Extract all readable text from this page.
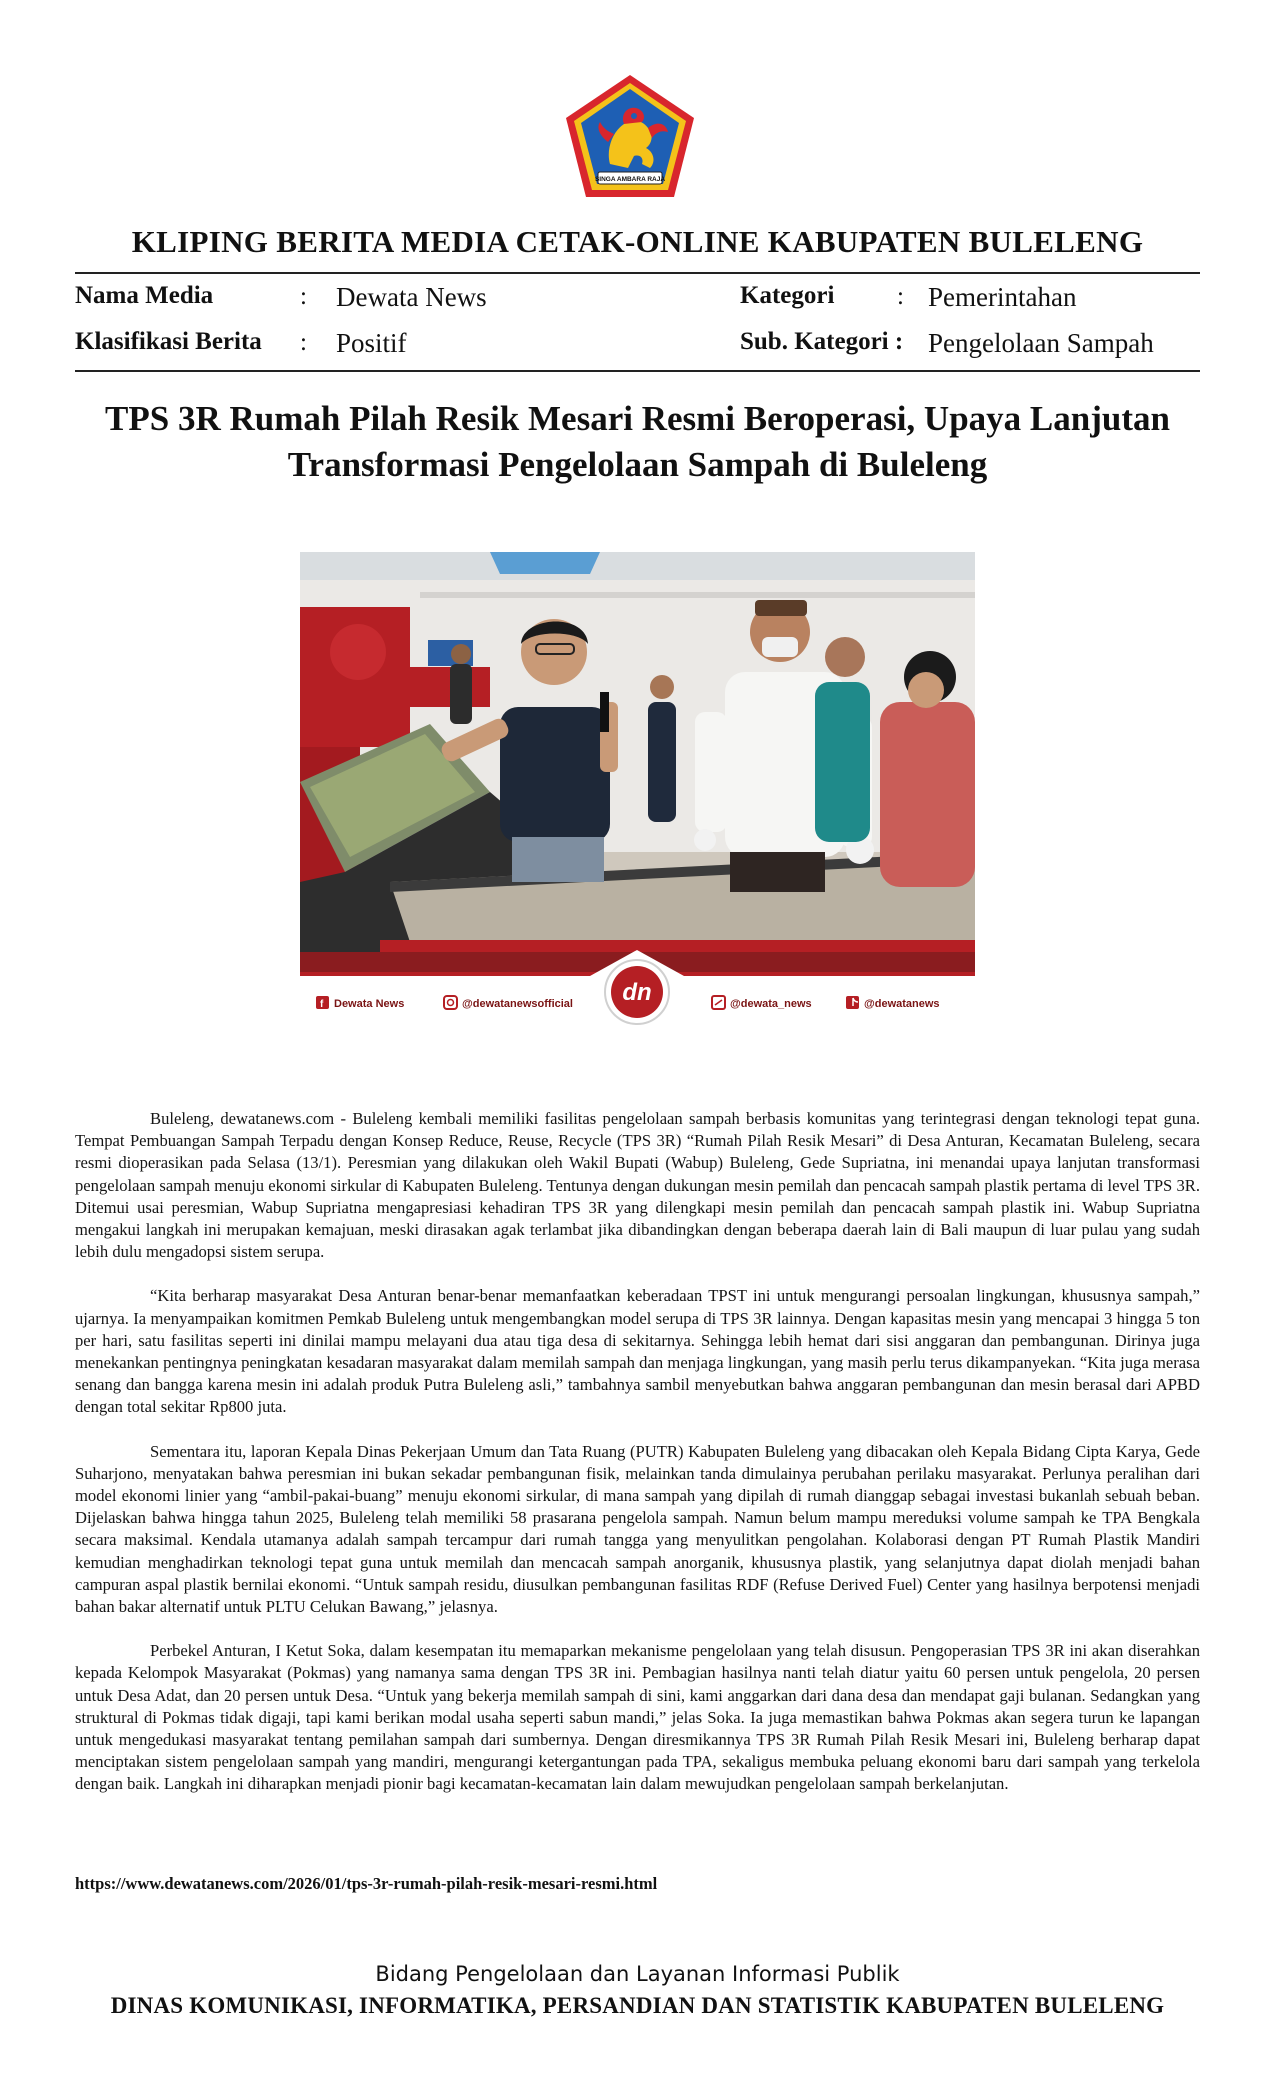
SINGA AMBARA RAJA
KLIPING BERITA MEDIA CETAK-ONLINE KABUPATEN BULELENG
Nama Media	: Dewata News	Kategori	: Pemerintahan
Klasifikasi Berita : Positif	Sub. Kategori : Pengelolaan Sampah
TPS 3R Rumah Pilah Resik Mesari Resmi Beroperasi, Upaya Lanjutan
Transformasi Pengelolaan Sampah di Buleleng
dn
f Dewata News	@dewatanewsofficial	@dewata_news	@dewatanews

Buleleng, dewatanews.com - Buleleng kembali memiliki fasilitas pengelolaan sampah berbasis komunitas yang terintegrasi dengan teknologi tepat guna. Tempat Pembuangan Sampah Terpadu dengan Konsep Reduce, Reuse, Recycle (TPS 3R) “Rumah Pilah Resik Mesari” di Desa Anturan, Kecamatan Buleleng, secara resmi dioperasikan pada Selasa (13/1). Peresmian yang dilakukan oleh Wakil Bupati (Wabup) Buleleng, Gede Supriatna, ini menandai upaya lanjutan transformasi pengelolaan sampah menuju ekonomi sirkular di Kabupaten Buleleng. Tentunya dengan dukungan mesin pemilah dan pencacah sampah plastik pertama di level TPS 3R. Ditemui usai peresmian, Wabup Supriatna mengapresiasi kehadiran TPS 3R yang dilengkapi mesin pemilah dan pencacah sampah plastik ini. Wabup Supriatna mengakui langkah ini merupakan kemajuan, meski dirasakan agak terlambat jika dibandingkan dengan beberapa daerah lain di Bali maupun di luar pulau yang sudah lebih dulu mengadopsi sistem serupa.

“Kita berharap masyarakat Desa Anturan benar-benar memanfaatkan keberadaan TPST ini untuk mengurangi persoalan lingkungan, khususnya sampah,” ujarnya. Ia menyampaikan komitmen Pemkab Buleleng untuk mengembangkan model serupa di TPS 3R lainnya. Dengan kapasitas mesin yang mencapai 3 hingga 5 ton per hari, satu fasilitas seperti ini dinilai mampu melayani dua atau tiga desa di sekitarnya. Sehingga lebih hemat dari sisi anggaran dan pembangunan. Dirinya juga menekankan pentingnya peningkatan kesadaran masyarakat dalam memilah sampah dan menjaga lingkungan, yang masih perlu terus dikampanyekan. “Kita juga merasa senang dan bangga karena mesin ini adalah produk Putra Buleleng asli,” tambahnya sambil menyebutkan bahwa anggaran pembangunan dan mesin berasal dari APBD dengan total sekitar Rp800 juta.

Sementara itu, laporan Kepala Dinas Pekerjaan Umum dan Tata Ruang (PUTR) Kabupaten Buleleng yang dibacakan oleh Kepala Bidang Cipta Karya, Gede Suharjono, menyatakan bahwa peresmian ini bukan sekadar pembangunan fisik, melainkan tanda dimulainya perubahan perilaku masyarakat. Perlunya peralihan dari model ekonomi linier yang “ambil-pakai-buang” menuju ekonomi sirkular, di mana sampah yang dipilah di rumah dianggap sebagai investasi bukanlah sebuah beban. Dijelaskan bahwa hingga tahun 2025, Buleleng telah memiliki 58 prasarana pengelola sampah. Namun belum mampu mereduksi volume sampah ke TPA Bengkala secara maksimal. Kendala utamanya adalah sampah tercampur dari rumah tangga yang menyulitkan pengolahan. Kolaborasi dengan PT Rumah Plastik Mandiri kemudian menghadirkan teknologi tepat guna untuk memilah dan mencacah sampah anorganik, khususnya plastik, yang selanjutnya dapat diolah menjadi bahan campuran aspal plastik bernilai ekonomi. “Untuk sampah residu, diusulkan pembangunan fasilitas RDF (Refuse Derived Fuel) Center yang hasilnya berpotensi menjadi bahan bakar alternatif untuk PLTU Celukan Bawang,” jelasnya.

Perbekel Anturan, I Ketut Soka, dalam kesempatan itu memaparkan mekanisme pengelolaan yang telah disusun. Pengoperasian TPS 3R ini akan diserahkan kepada Kelompok Masyarakat (Pokmas) yang namanya sama dengan TPS 3R ini. Pembagian hasilnya nanti telah diatur yaitu 60 persen untuk pengelola, 20 persen untuk Desa Adat, dan 20 persen untuk Desa. “Untuk yang bekerja memilah sampah di sini, kami anggarkan dari dana desa dan mendapat gaji bulanan. Sedangkan yang struktural di Pokmas tidak digaji, tapi kami berikan modal usaha seperti sabun mandi,” jelas Soka. Ia juga memastikan bahwa Pokmas akan segera turun ke lapangan untuk mengedukasi masyarakat tentang pemilahan sampah dari sumbernya. Dengan diresmikannya TPS 3R Rumah Pilah Resik Mesari ini, Buleleng berharap dapat menciptakan sistem pengelolaan sampah yang mandiri, mengurangi ketergantungan pada TPA, sekaligus membuka peluang ekonomi baru dari sampah yang terkelola dengan baik. Langkah ini diharapkan menjadi pionir bagi kecamatan-kecamatan lain dalam mewujudkan pengelolaan sampah berkelanjutan.

https://www.dewatanews.com/2026/01/tps-3r-rumah-pilah-resik-mesari-resmi.html
Bidang Pengelolaan dan Layanan Informasi Publik
DINAS KOMUNIKASI, INFORMATIKA, PERSANDIAN DAN STATISTIK KABUPATEN BULELENG
